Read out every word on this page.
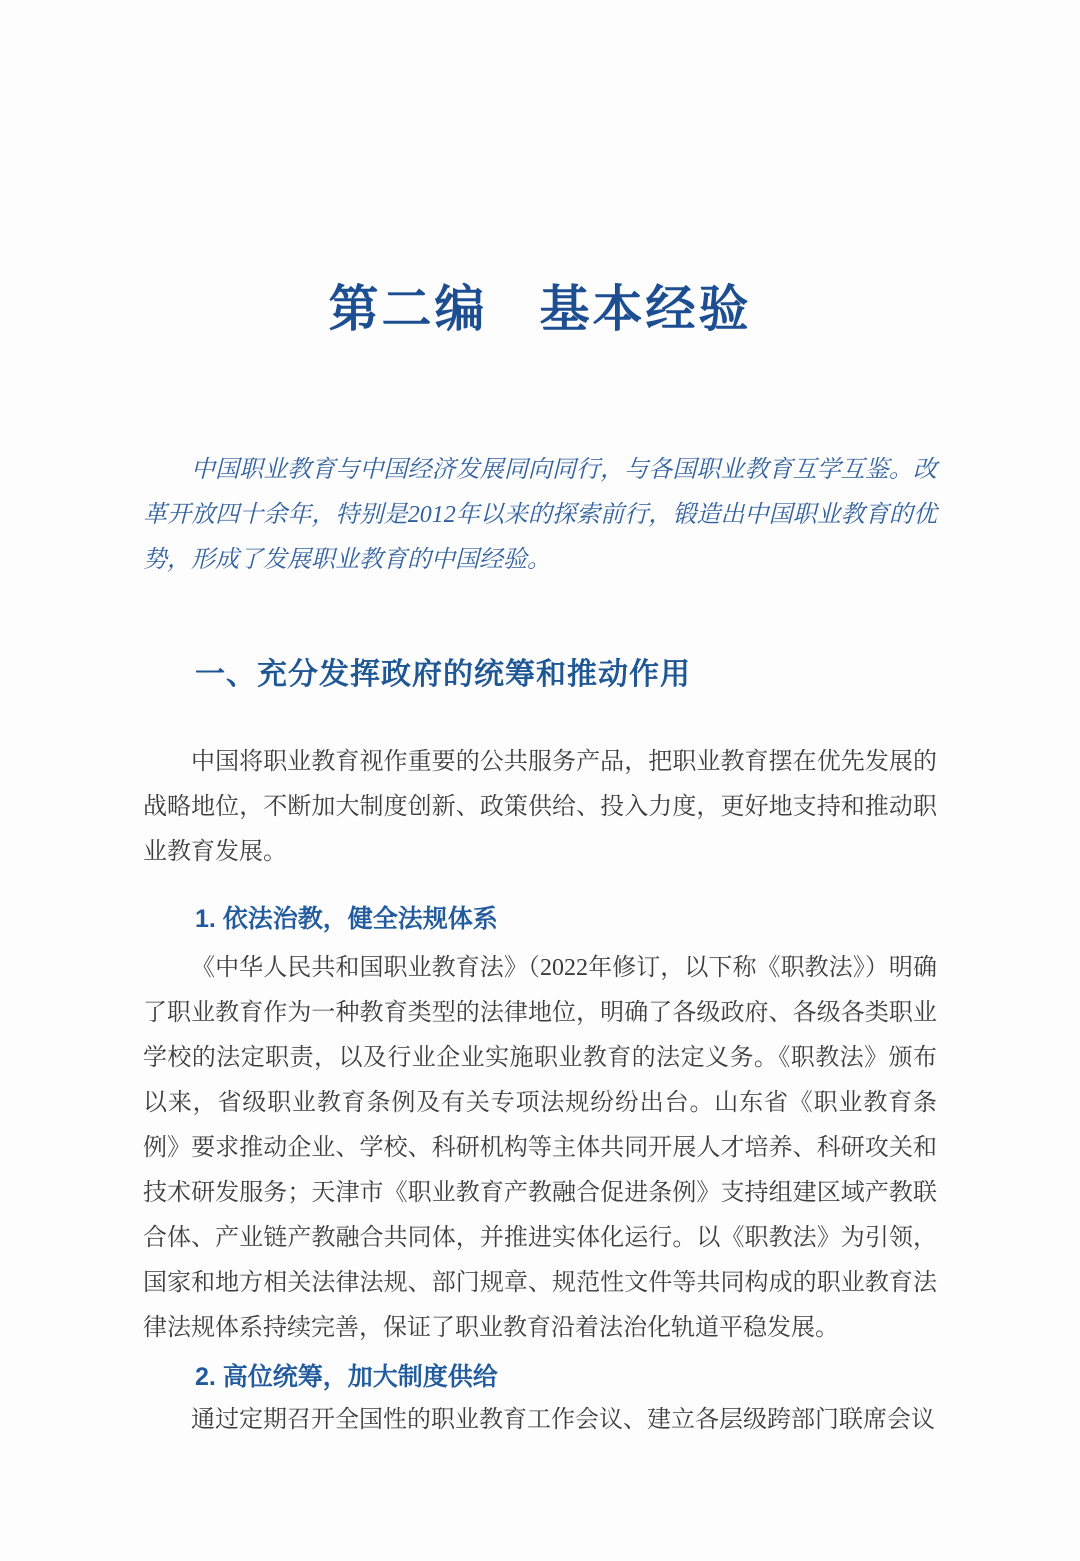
第二编 基本经验

中国职业教育与中国经济发展同向同行，与各国职业教育互学互鉴。改革开放四十余年，特别是2012年以来的探索前行，锻造出中国职业教育的优势，形成了发展职业教育的中国经验。

一、充分发挥政府的统筹和推动作用

中国将职业教育视作重要的公共服务产品，把职业教育摆在优先发展的战略地位，不断加大制度创新、政策供给、投入力度，更好地支持和推动职业教育发展。

1. 依法治教，健全法规体系

《中华人民共和国职业教育法》（2022年修订，以下称《职教法》）明确了职业教育作为一种教育类型的法律地位，明确了各级政府、各级各类职业学校的法定职责，以及行业企业实施职业教育的法定义务。《职教法》颁布以来，省级职业教育条例及有关专项法规纷纷出台。山东省《职业教育条例》要求推动企业、学校、科研机构等主体共同开展人才培养、科研攻关和技术研发服务；天津市《职业教育产教融合促进条例》支持组建区域产教联合体、产业链产教融合共同体，并推进实体化运行。以《职教法》为引领，国家和地方相关法律法规、部门规章、规范性文件等共同构成的职业教育法律法规体系持续完善，保证了职业教育沿着法治化轨道平稳发展。

2. 高位统筹，加大制度供给

通过定期召开全国性的职业教育工作会议、建立各层级跨部门联席会议
